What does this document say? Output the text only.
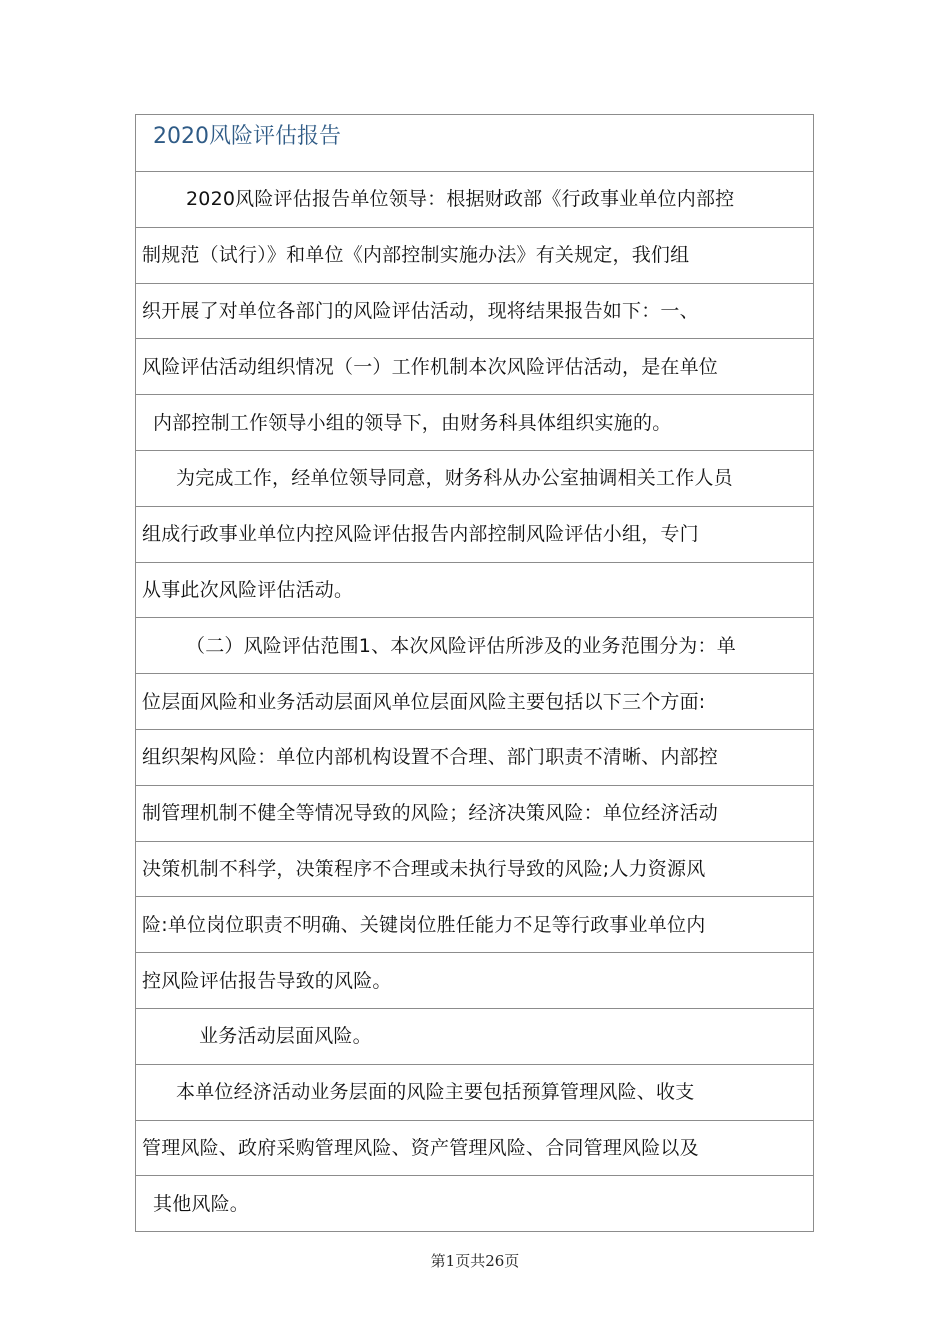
2020风险评估报告
2020风险评估报告单位领导：根据财政部《行政事业单位内部控
制规范（试行）》和单位《内部控制实施办法》有关规定，我们组
织开展了对单位各部门的风险评估活动，现将结果报告如下：一、
风险评估活动组织情况（一）工作机制本次风险评估活动，是在单位
内部控制工作领导小组的领导下，由财务科具体组织实施的。
为完成工作，经单位领导同意，财务科从办公室抽调相关工作人员
组成行政事业单位内控风险评估报告内部控制风险评估小组，专门
从事此次风险评估活动。
（二）风险评估范围1、本次风险评估所涉及的业务范围分为：单
位层面风险和业务活动层面风单位层面风险主要包括以下三个方面:
组织架构风险：单位内部机构设置不合理、部门职责不清晰、内部控
制管理机制不健全等情况导致的风险；经济决策风险：单位经济活动
决策机制不科学，决策程序不合理或未执行导致的风险;人力资源风
险:单位岗位职责不明确、关键岗位胜任能力不足等行政事业单位内
控风险评估报告导致的风险。
业务活动层面风险。
本单位经济活动业务层面的风险主要包括预算管理风险、收支
管理风险、政府采购管理风险、资产管理风险、合同管理风险以及
其他风险。
第1页共26页
